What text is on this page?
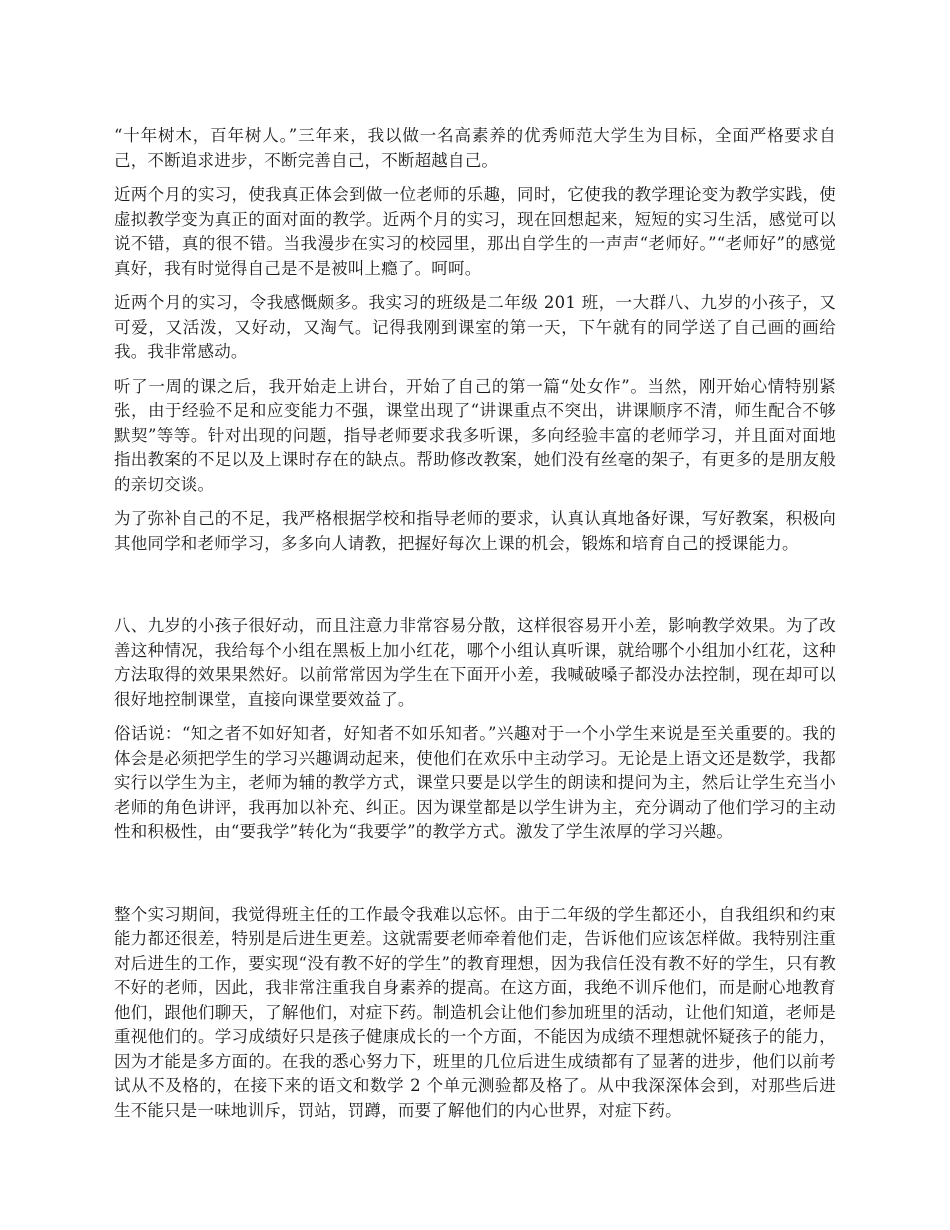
“十年树木，百年树人。”三年来，我以做一名高素养的优秀师范大学生为目标，全面严格要求自己，不断追求进步，不断完善自己，不断超越自己。

近两个月的实习，使我真正体会到做一位老师的乐趣，同时，它使我的教学理论变为教学实践，使虚拟教学变为真正的面对面的教学。近两个月的实习，现在回想起来，短短的实习生活，感觉可以说不错，真的很不错。当我漫步在实习的校园里，那出自学生的一声声“老师好。”“老师好”的感觉真好，我有时觉得自己是不是被叫上瘾了。呵呵。

近两个月的实习，令我感慨颇多。我实习的班级是二年级 201 班，一大群八、九岁的小孩子，又可爱，又活泼，又好动，又淘气。记得我刚到课室的第一天，下午就有的同学送了自己画的画给我。我非常感动。

听了一周的课之后，我开始走上讲台，开始了自己的第一篇“处女作”。当然，刚开始心情特别紧张，由于经验不足和应变能力不强，课堂出现了“讲课重点不突出，讲课顺序不清，师生配合不够默契”等等。针对出现的问题，指导老师要求我多听课，多向经验丰富的老师学习，并且面对面地指出教案的不足以及上课时存在的缺点。帮助修改教案，她们没有丝毫的架子，有更多的是朋友般的亲切交谈。

为了弥补自己的不足，我严格根据学校和指导老师的要求，认真认真地备好课，写好教案，积极向其他同学和老师学习，多多向人请教，把握好每次上课的机会，锻炼和培育自己的授课能力。

八、九岁的小孩子很好动，而且注意力非常容易分散，这样很容易开小差，影响教学效果。为了改善这种情况，我给每个小组在黑板上加小红花，哪个小组认真听课，就给哪个小组加小红花，这种方法取得的效果果然好。以前常常因为学生在下面开小差，我喊破嗓子都没办法控制，现在却可以很好地控制课堂，直接向课堂要效益了。

俗话说：“知之者不如好知者，好知者不如乐知者。”兴趣对于一个小学生来说是至关重要的。我的体会是必须把学生的学习兴趣调动起来，使他们在欢乐中主动学习。无论是上语文还是数学，我都实行以学生为主，老师为辅的教学方式，课堂只要是以学生的朗读和提问为主，然后让学生充当小老师的角色讲评，我再加以补充、纠正。因为课堂都是以学生讲为主，充分调动了他们学习的主动性和积极性，由“要我学”转化为“我要学”的教学方式。激发了学生浓厚的学习兴趣。

整个实习期间，我觉得班主任的工作最令我难以忘怀。由于二年级的学生都还小，自我组织和约束能力都还很差，特别是后进生更差。这就需要老师牵着他们走，告诉他们应该怎样做。我特别注重对后进生的工作，要实现“没有教不好的学生”的教育理想，因为我信任没有教不好的学生，只有教不好的老师，因此，我非常注重我自身素养的提高。在这方面，我绝不训斥他们，而是耐心地教育他们，跟他们聊天，了解他们，对症下药。制造机会让他们参加班里的活动，让他们知道，老师是重视他们的。学习成绩好只是孩子健康成长的一个方面，不能因为成绩不理想就怀疑孩子的能力，因为才能是多方面的。在我的悉心努力下，班里的几位后进生成绩都有了显著的进步，他们以前考试从不及格的，在接下来的语文和数学 2 个单元测验都及格了。从中我深深体会到，对那些后进生不能只是一味地训斥，罚站，罚蹲，而要了解他们的内心世界，对症下药。
